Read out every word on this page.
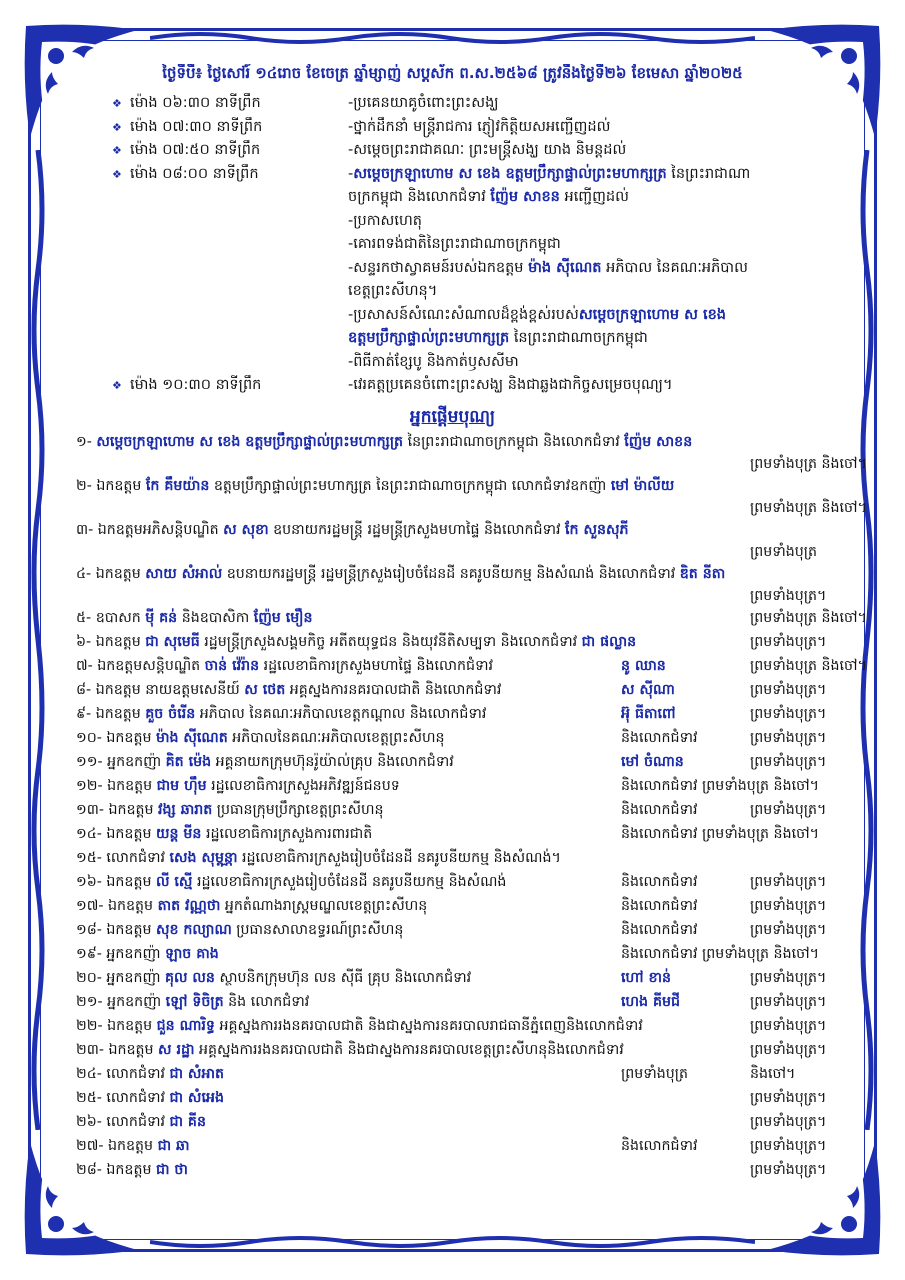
ថ្ងៃទីបី៖ ថ្ងៃសៅរ៍ ១៤រោច ខែចេត្រ ឆ្នាំម្សាញ់ សប្តស័ក ព.ស.២៥៦៨ ត្រូវនឹងថ្ងៃទី២៦ ខែមេសា ឆ្នាំ២០២៥
❖ ម៉ោង ០៦:៣០ នាទីព្រឹក	-ប្រគេនយាគូចំពោះព្រះសង្ឃ
❖ ម៉ោង ០៧:៣០ នាទីព្រឹក	-ថ្នាក់ដឹកនាំ មន្ត្រីរាជការ ភ្ញៀវកិត្តិយសអញ្ជើញដល់
❖ ម៉ោង ០៧:៥០ នាទីព្រឹក	-សម្តេចព្រះរាជាគណៈ ព្រះមន្ត្រីសង្ឃ យាង និមន្តដល់
❖ ម៉ោង ០៨:០០ នាទីព្រឹក	-សម្តេចក្រឡាហោម ស ខេង ឧត្តមប្រឹក្សាផ្ទាល់ព្រះមហាក្សត្រ នៃព្រះរាជាណា
ចក្រកម្ពុជា និងលោកជំទាវ ញ៉ែម សាខន អញ្ជើញដល់
-ប្រកាសហេតុ
-គោរពទង់ជាតិនៃព្រះរាជាណាចក្រកម្ពុជា
-សន្ទរកថាស្វាគមន៍របស់ឯកឧត្តម ម៉ាង ស៊ីណេត អភិបាល នៃគណៈអភិបាល
ខេត្តព្រះសីហនុ។
-ប្រសាសន៍សំណេះសំណាលដ៏ខ្ពង់ខ្ពស់របស់សម្តេចក្រឡាហោម ស ខេង
ឧត្តមប្រឹក្សាផ្ទាល់ព្រះមហាក្សត្រ នៃព្រះរាជាណាចក្រកម្ពុជា
-ពិធីកាត់ខ្សែបូ និងកាត់ឫសសីមា
❖ ម៉ោង ១០:៣០ នាទីព្រឹក	-វេរគត្តប្រគេនចំពោះព្រះសង្ឃ និងជាឆ្លងជាកិច្ចសម្រេចបុណ្យ។
អ្នកផ្តើមបុណ្យ
១- សម្តេចក្រឡាហោម ស ខេង ឧត្តមប្រឹក្សាផ្ទាល់ព្រះមហាក្សត្រ នៃព្រះរាជាណាចក្រកម្ពុជា និងលោកជំទាវ ញ៉ែម សាខន
ព្រមទាំងបុត្រ និងចៅ។
២- ឯកឧត្តម កែ គឹមយ៉ាន ឧត្តមប្រឹក្សាផ្ទាល់ព្រះមហាក្សត្រ នៃព្រះរាជាណាចក្រកម្ពុជា លោកជំទាវឧកញ៉ា មៅ ម៉ាលីយ
ព្រមទាំងបុត្រ និងចៅ។
៣- ឯកឧត្តមអភិសន្តិបណ្ឌិត ស សុខា ឧបនាយករដ្ឋមន្ត្រី រដ្ឋមន្ត្រីក្រសួងមហាផ្ទៃ និងលោកជំទាវ កែ សួនសុភី
ព្រមទាំងបុត្រ
៤- ឯកឧត្តម សាយ សំអាល់ ឧបនាយករដ្ឋមន្ត្រី រដ្ឋមន្ត្រីក្រសួងរៀបចំដែនដី នគរូបនីយកម្ម និងសំណង់ និងលោកជំទាវ ឌិត នីតា
ព្រមទាំងបុត្រ។
៥- ឧបាសក ម៉ី គន់ និងឧបាសិកា ញ៉ែម មឿន	ព្រមទាំងបុត្រ និងចៅ។
៦- ឯកឧត្តម ជា សុមេធី រដ្ឋមន្ត្រីក្រសួងសង្គមកិច្ច អតីតយុទ្ធជន និងយុវនីតិសម្បទា និងលោកជំទាវ ជា ផល្លាន	ព្រមទាំងបុត្រ។
៧- ឯកឧត្តមសន្តិបណ្ឌិត ចាន់ វ៉េរ៉ាន រដ្ឋលេខាធិការក្រសួងមហាផ្ទៃ និងលោកជំទាវ	នូ ឈាន	ព្រមទាំងបុត្រ និងចៅ។
៨- ឯកឧត្តម នាយឧត្តមសេនីយ៍ ស ថេត អគ្គស្នងការនគរបាលជាតិ និងលោកជំទាវ	ស ស៊ីណា	ព្រមទាំងបុត្រ។
៩- ឯកឧត្តម គួច ចំរើន អភិបាល នៃគណៈអភិបាលខេត្តកណ្តាល និងលោកជំទាវ	អ៊ុ ធីតាពៅ	ព្រមទាំងបុត្រ។
១០- ឯកឧត្តម ម៉ាង ស៊ីណេត អភិបាលនៃគណៈអភិបាលខេត្តព្រះសីហនុ	និងលោកជំទាវ	ព្រមទាំងបុត្រ។
១១- អ្នកឧកញ៉ា គិត ម៉េង អគ្គនាយកក្រុមហ៊ុនរ៉ូយ៉ាល់គ្រុប និងលោកជំទាវ	មៅ ចំណាន	ព្រមទាំងបុត្រ។
១២- ឯកឧត្តម ជាម ហ៊ឹម រដ្ឋលេខាធិការក្រសួងអភិវឌ្ឍន៍ជនបទ	និងលោកជំទាវ ព្រមទាំងបុត្រ និងចៅ។
១៣- ឯកឧត្តម វង្ស ឆារាត ប្រធានក្រុមប្រឹក្សាខេត្តព្រះសីហនុ	និងលោកជំទាវ	ព្រមទាំងបុត្រ។
១៤- ឯកឧត្តម យន្ត មីន រដ្ឋលេខាធិការក្រសួងការពារជាតិ	និងលោកជំទាវ ព្រមទាំងបុត្រ និងចៅ។
១៥- លោកជំទាវ សេង សុមុន្ណា រដ្ឋលេខាធិការក្រសួងរៀបចំដែនដី នគរូបនីយកម្ម និងសំណង់។
១៦- ឯកឧត្តម លី ស្មើ រដ្ឋលេខាធិការក្រសួងរៀបចំដែនដី នគរូបនីយកម្ម និងសំណង់	និងលោកជំទាវ	ព្រមទាំងបុត្រ។
១៧- ឯកឧត្តម តាត វណ្ណថា អ្នកតំណាងរាស្ត្រមណ្ឌលខេត្តព្រះសីហនុ	និងលោកជំទាវ	ព្រមទាំងបុត្រ។
១៨- ឯកឧត្តម សុខ កល្យាណ ប្រធានសាលាឧទ្ធរណ៍ព្រះសីហនុ	និងលោកជំទាវ	ព្រមទាំងបុត្រ។
១៩- អ្នកឧកញ៉ា ឡាច គាង	និងលោកជំទាវ ព្រមទាំងបុត្រ និងចៅ។
២០- អ្នកឧកញ៉ា គុល លន ស្ថាបនិកក្រុមហ៊ុន លន ស៊ីធី គ្រុប និងលោកជំទាវ	ហៅ ខាន់	ព្រមទាំងបុត្រ។
២១- អ្នកឧកញ៉ា ឡៅ ទិចិត្រ និង លោកជំទាវ	ហេង គីមជី	ព្រមទាំងបុត្រ។
២២- ឯកឧត្តម ជួន ណារិទ្ធ អគ្គស្នងការរងនគរបាលជាតិ និងជាស្នងការនគរបាលរាជធានីភ្នំពេញនិងលោកជំទាវ	ព្រមទាំងបុត្រ។
២៣- ឯកឧត្តម ស រដ្ឋា អគ្គស្នងការរងនគរបាលជាតិ និងជាស្នងការនគរបាលខេត្តព្រះសីហនុនិងលោកជំទាវ	ព្រមទាំងបុត្រ។
២៤- លោកជំទាវ ជា សំអាត	ព្រមទាំងបុត្រ	និងចៅ។
២៥- លោកជំទាវ ជា សំអេង	ព្រមទាំងបុត្រ។
២៦- លោកជំទាវ ជា គីន	ព្រមទាំងបុត្រ។
២៧- ឯកឧត្តម ជា ឆា	និងលោកជំទាវ	ព្រមទាំងបុត្រ។
២៨- ឯកឧត្តម ជា ថា	ព្រមទាំងបុត្រ។
